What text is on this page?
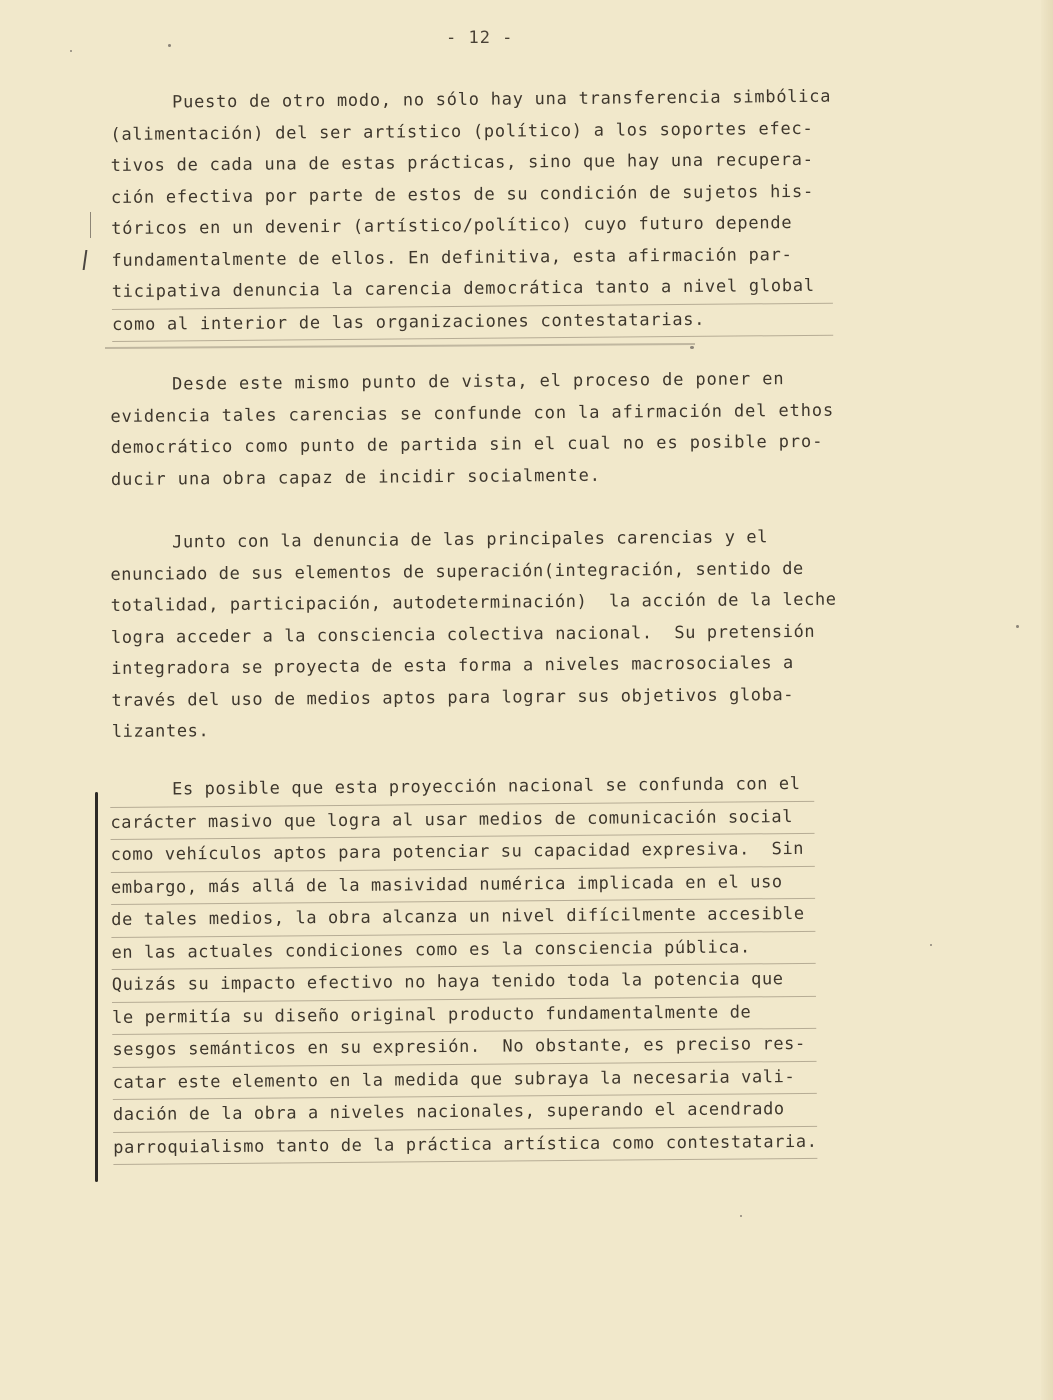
- 12 -
Puesto de otro modo, no sólo hay una transferencia simbólica
(alimentación) del ser artístico (político) a los soportes efec-
tivos de cada una de estas prácticas, sino que hay una recupera-
ción efectiva por parte de estos de su condición de sujetos his-
tóricos en un devenir (artístico/político) cuyo futuro depende
fundamentalmente de ellos. En definitiva, esta afirmación par-
ticipativa denuncia la carencia democrática tanto a nivel global
como al interior de las organizaciones contestatarias.
Desde este mismo punto de vista, el proceso de poner en
evidencia tales carencias se confunde con la afirmación del ethos
democrático como punto de partida sin el cual no es posible pro-
ducir una obra capaz de incidir socialmente.
Junto con la denuncia de las principales carencias y el
enunciado de sus elementos de superación(integración, sentido de
totalidad, participación, autodeterminación)  la acción de la leche
logra acceder a la consciencia colectiva nacional.  Su pretensión
integradora se proyecta de esta forma a niveles macrosociales a
través del uso de medios aptos para lograr sus objetivos globa-
lizantes.
Es posible que esta proyección nacional se confunda con el
carácter masivo que logra al usar medios de comunicación social
como vehículos aptos para potenciar su capacidad expresiva.  Sin
embargo, más allá de la masividad numérica implicada en el uso
de tales medios, la obra alcanza un nivel difícilmente accesible
en las actuales condiciones como es la consciencia pública.
Quizás su impacto efectivo no haya tenido toda la potencia que
le permitía su diseño original producto fundamentalmente de
sesgos semánticos en su expresión.  No obstante, es preciso res-
catar este elemento en la medida que subraya la necesaria vali-
dación de la obra a niveles nacionales, superando el acendrado
parroquialismo tanto de la práctica artística como contestataria.
